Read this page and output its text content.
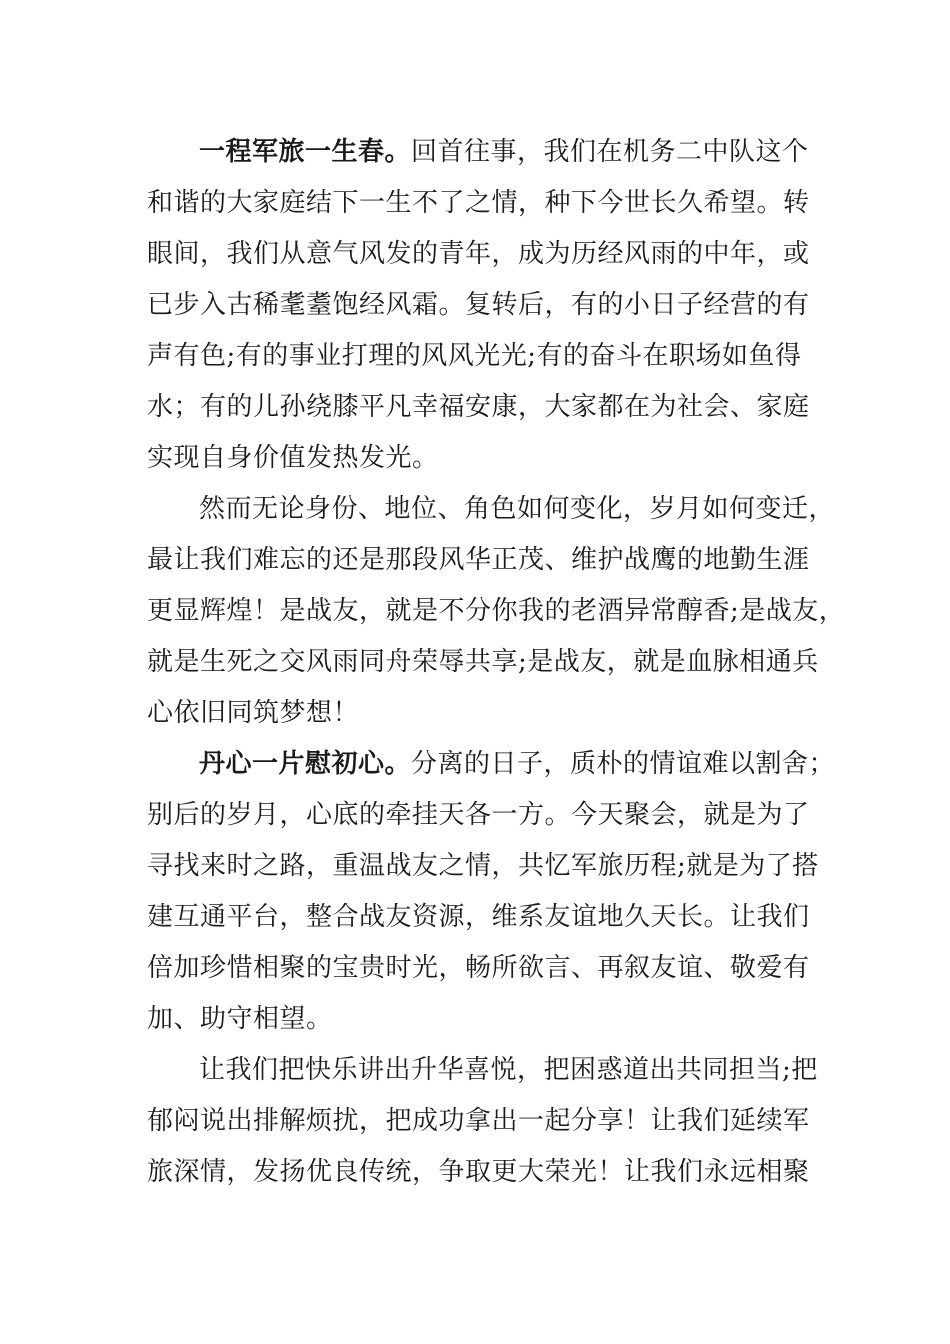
一程军旅一生春。回首往事，我们在机务二中队这个
和谐的大家庭结下一生不了之情，种下今世长久希望。转
眼间，我们从意气风发的青年，成为历经风雨的中年，或
已步入古稀耄耋饱经风霜。复转后，有的小日子经营的有
声有色;有的事业打理的风风光光;有的奋斗在职场如鱼得
水；有的儿孙绕膝平凡幸福安康，大家都在为社会、家庭
实现自身价值发热发光。

然而无论身份、地位、角色如何变化，岁月如何变迁，
最让我们难忘的还是那段风华正茂、维护战鹰的地勤生涯
更显辉煌！是战友，就是不分你我的老酒异常醇香;是战友，
就是生死之交风雨同舟荣辱共享;是战友，就是血脉相通兵
心依旧同筑梦想！

丹心一片慰初心。分离的日子，质朴的情谊难以割舍；
别后的岁月，心底的牵挂天各一方。今天聚会，就是为了
寻找来时之路，重温战友之情，共忆军旅历程;就是为了搭
建互通平台，整合战友资源，维系友谊地久天长。让我们
倍加珍惜相聚的宝贵时光，畅所欲言、再叙友谊、敬爱有
加、助守相望。

让我们把快乐讲出升华喜悦，把困惑道出共同担当;把
郁闷说出排解烦扰，把成功拿出一起分享！让我们延续军
旅深情，发扬优良传统，争取更大荣光！让我们永远相聚
